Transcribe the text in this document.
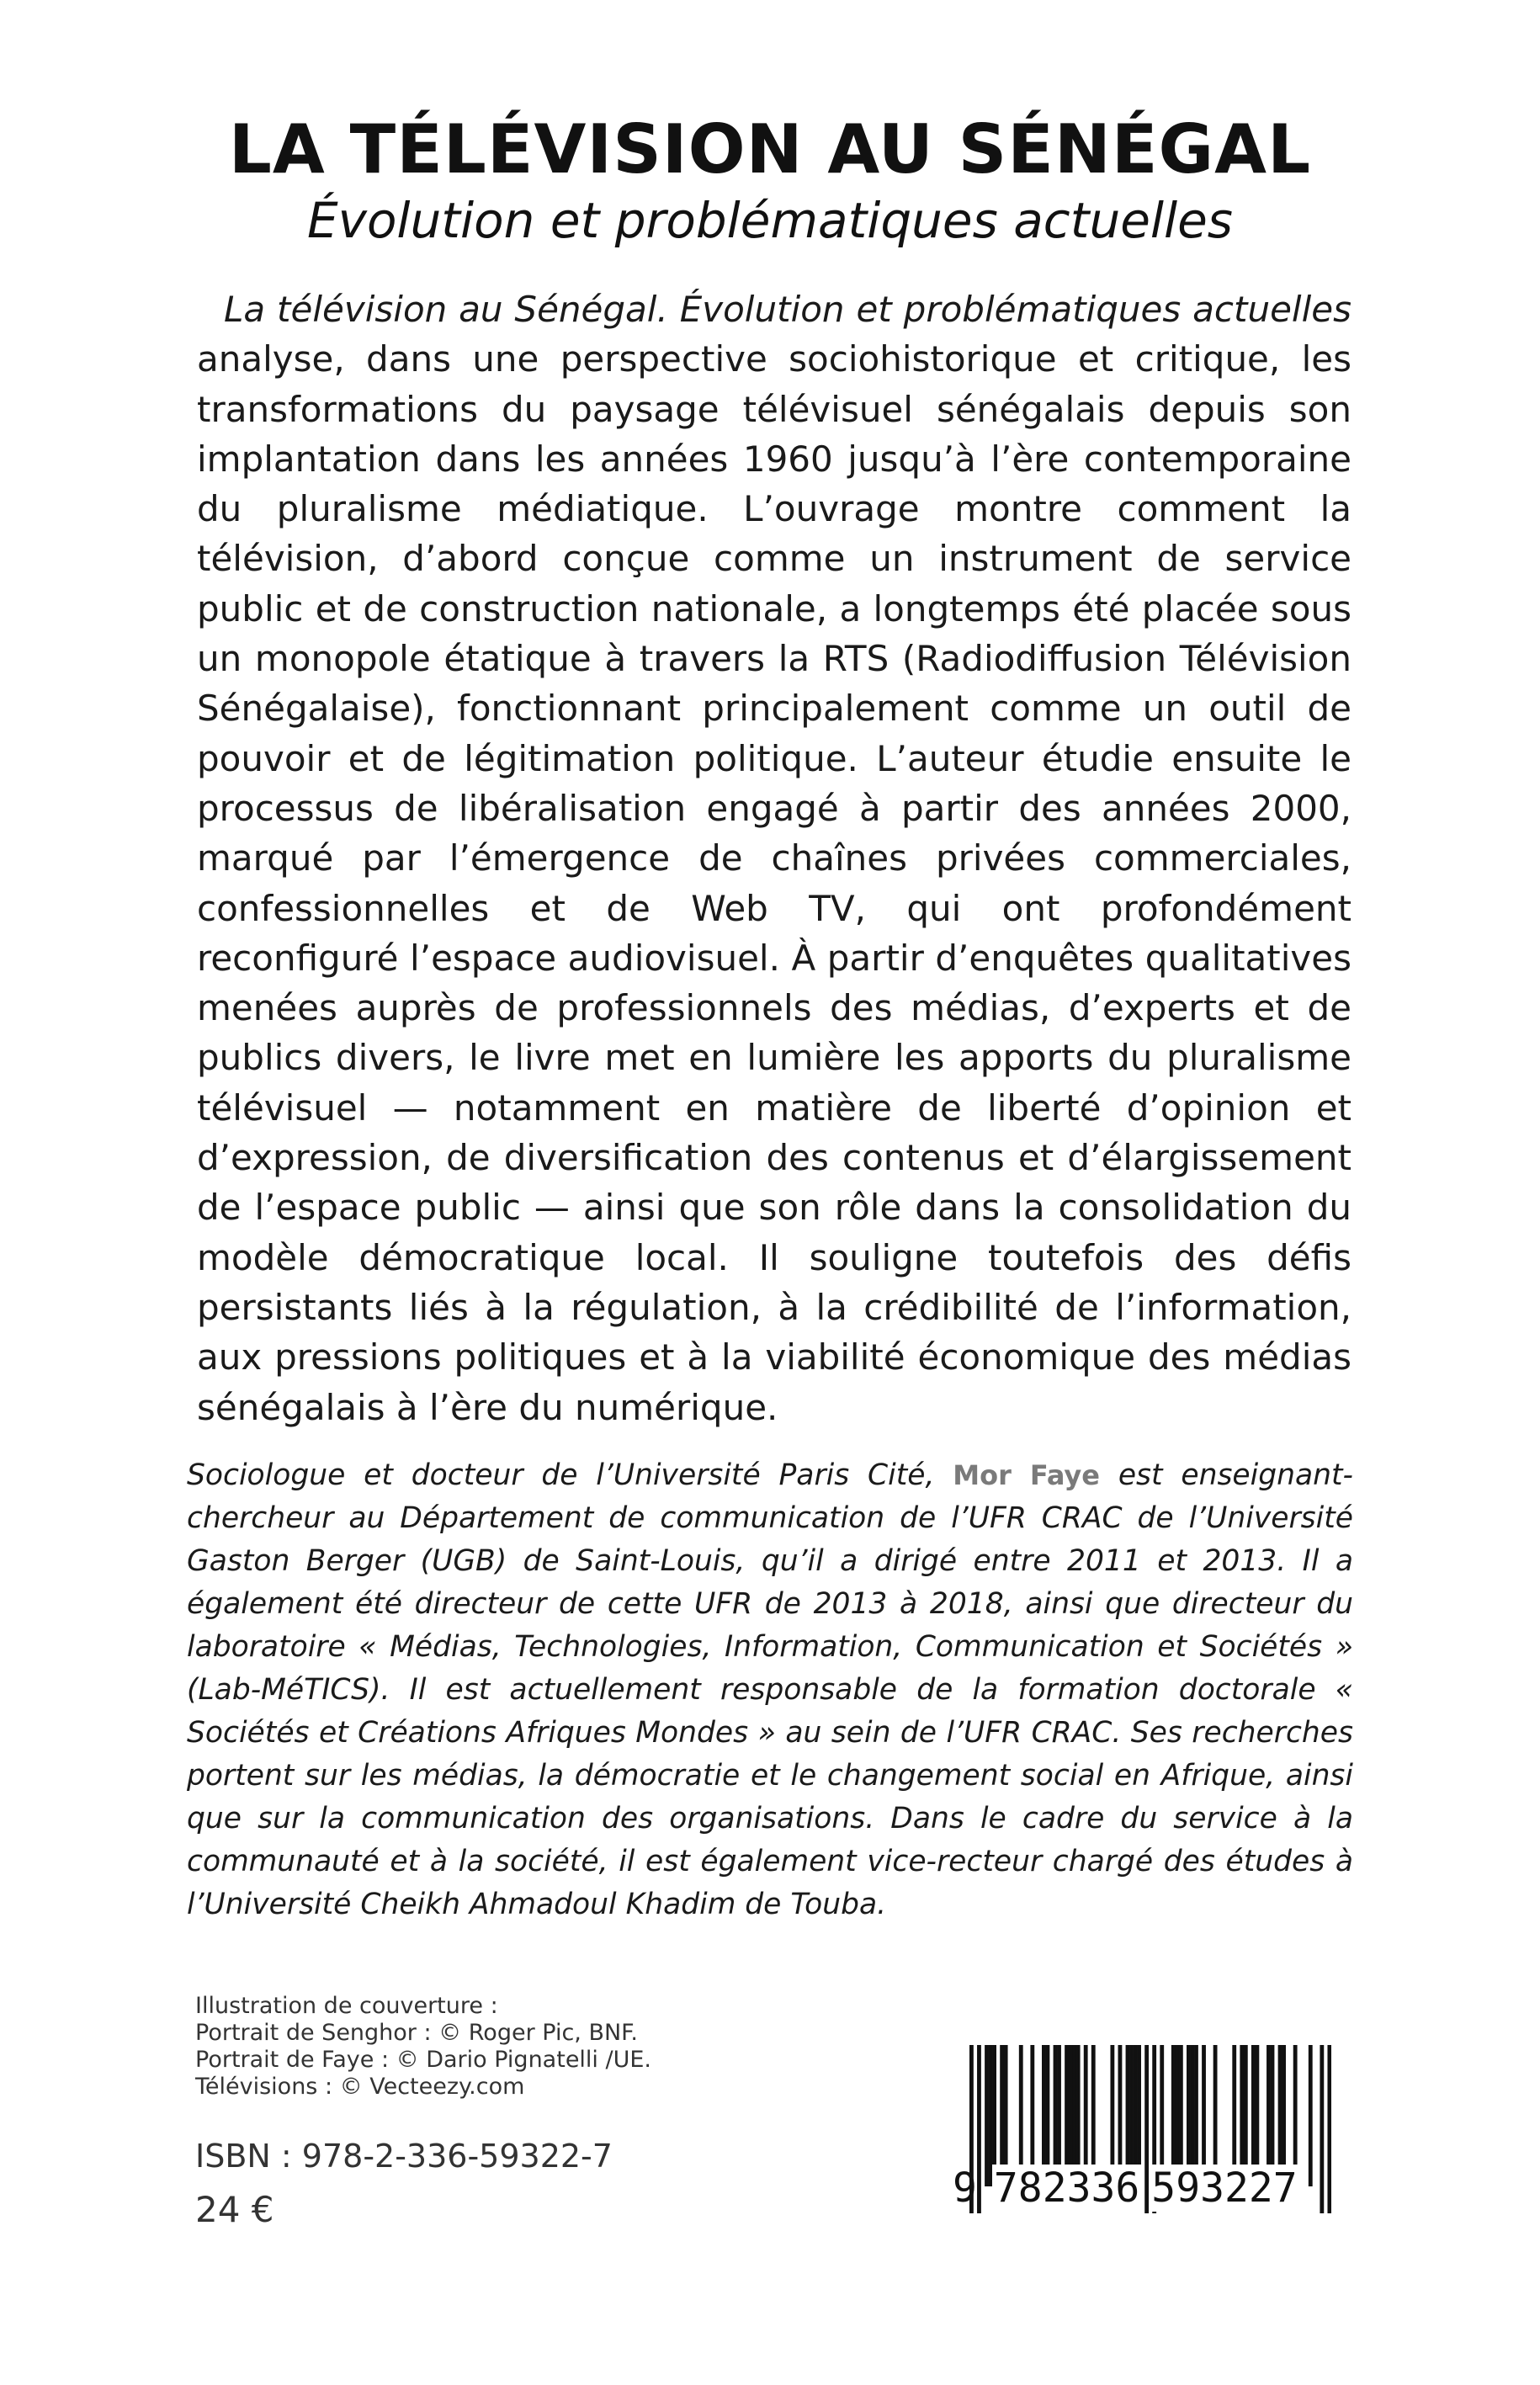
LA TÉLÉVISION AU SÉNÉGAL
Évolution et problématiques actuelles
La télévision au Sénégal. Évolution et problématiques actuelles analyse, dans une perspective sociohistorique et critique, les transformations du paysage télévisuel sénégalais depuis son implantation dans les années 1960 jusqu’à l’ère contemporaine du pluralisme médiatique. L’ouvrage montre comment la télévision, d’abord conçue comme un instrument de service public et de construction nationale, a longtemps été placée sous un monopole étatique à travers la RTS (Radiodiffusion Télévision Sénégalaise), fonctionnant principalement comme un outil de pouvoir et de légitimation politique. L’auteur étudie ensuite le processus de libéralisation engagé à partir des années 2000, marqué par l’émergence de chaînes privées commerciales, confessionnelles et de Web TV, qui ont profondément reconfiguré l’espace audiovisuel. À partir d’enquêtes qualitatives menées auprès de professionnels des médias, d’experts et de publics divers, le livre met en lumière les apports du pluralisme télévisuel — notamment en matière de liberté d’opinion et d’expression, de diversification des contenus et d’élargissement de l’espace public — ainsi que son rôle dans la consolidation du modèle démocratique local. Il souligne toutefois des défis persistants liés à la régulation, à la crédibilité de l’information, aux pressions politiques et à la viabilité économique des médias sénégalais à l’ère du numérique.
Sociologue et docteur de l’Université Paris Cité, Mor Faye est enseignant-chercheur au Département de communication de l’UFR CRAC de l’Université Gaston Berger (UGB) de Saint-Louis, qu’il a dirigé entre 2011 et 2013. Il a également été directeur de cette UFR de 2013 à 2018, ainsi que directeur du laboratoire « Médias, Technologies, Information, Communication et Sociétés » (Lab-MéTICS). Il est actuellement responsable de la formation doctorale « Sociétés et Créations Afriques Mondes » au sein de l’UFR CRAC. Ses recherches portent sur les médias, la démocratie et le changement social en Afrique, ainsi que sur la communication des organisations. Dans le cadre du service à la communauté et à la société, il est également vice-recteur chargé des études à l’Université Cheikh Ahmadoul Khadim de Touba.
Illustration de couverture :
Portrait de Senghor : © Roger Pic, BNF.
Portrait de Faye : © Dario Pignatelli /UE.
Télévisions : © Vecteezy.com
ISBN : 978-2-336-59322-7
24 €	9 782336 593227
